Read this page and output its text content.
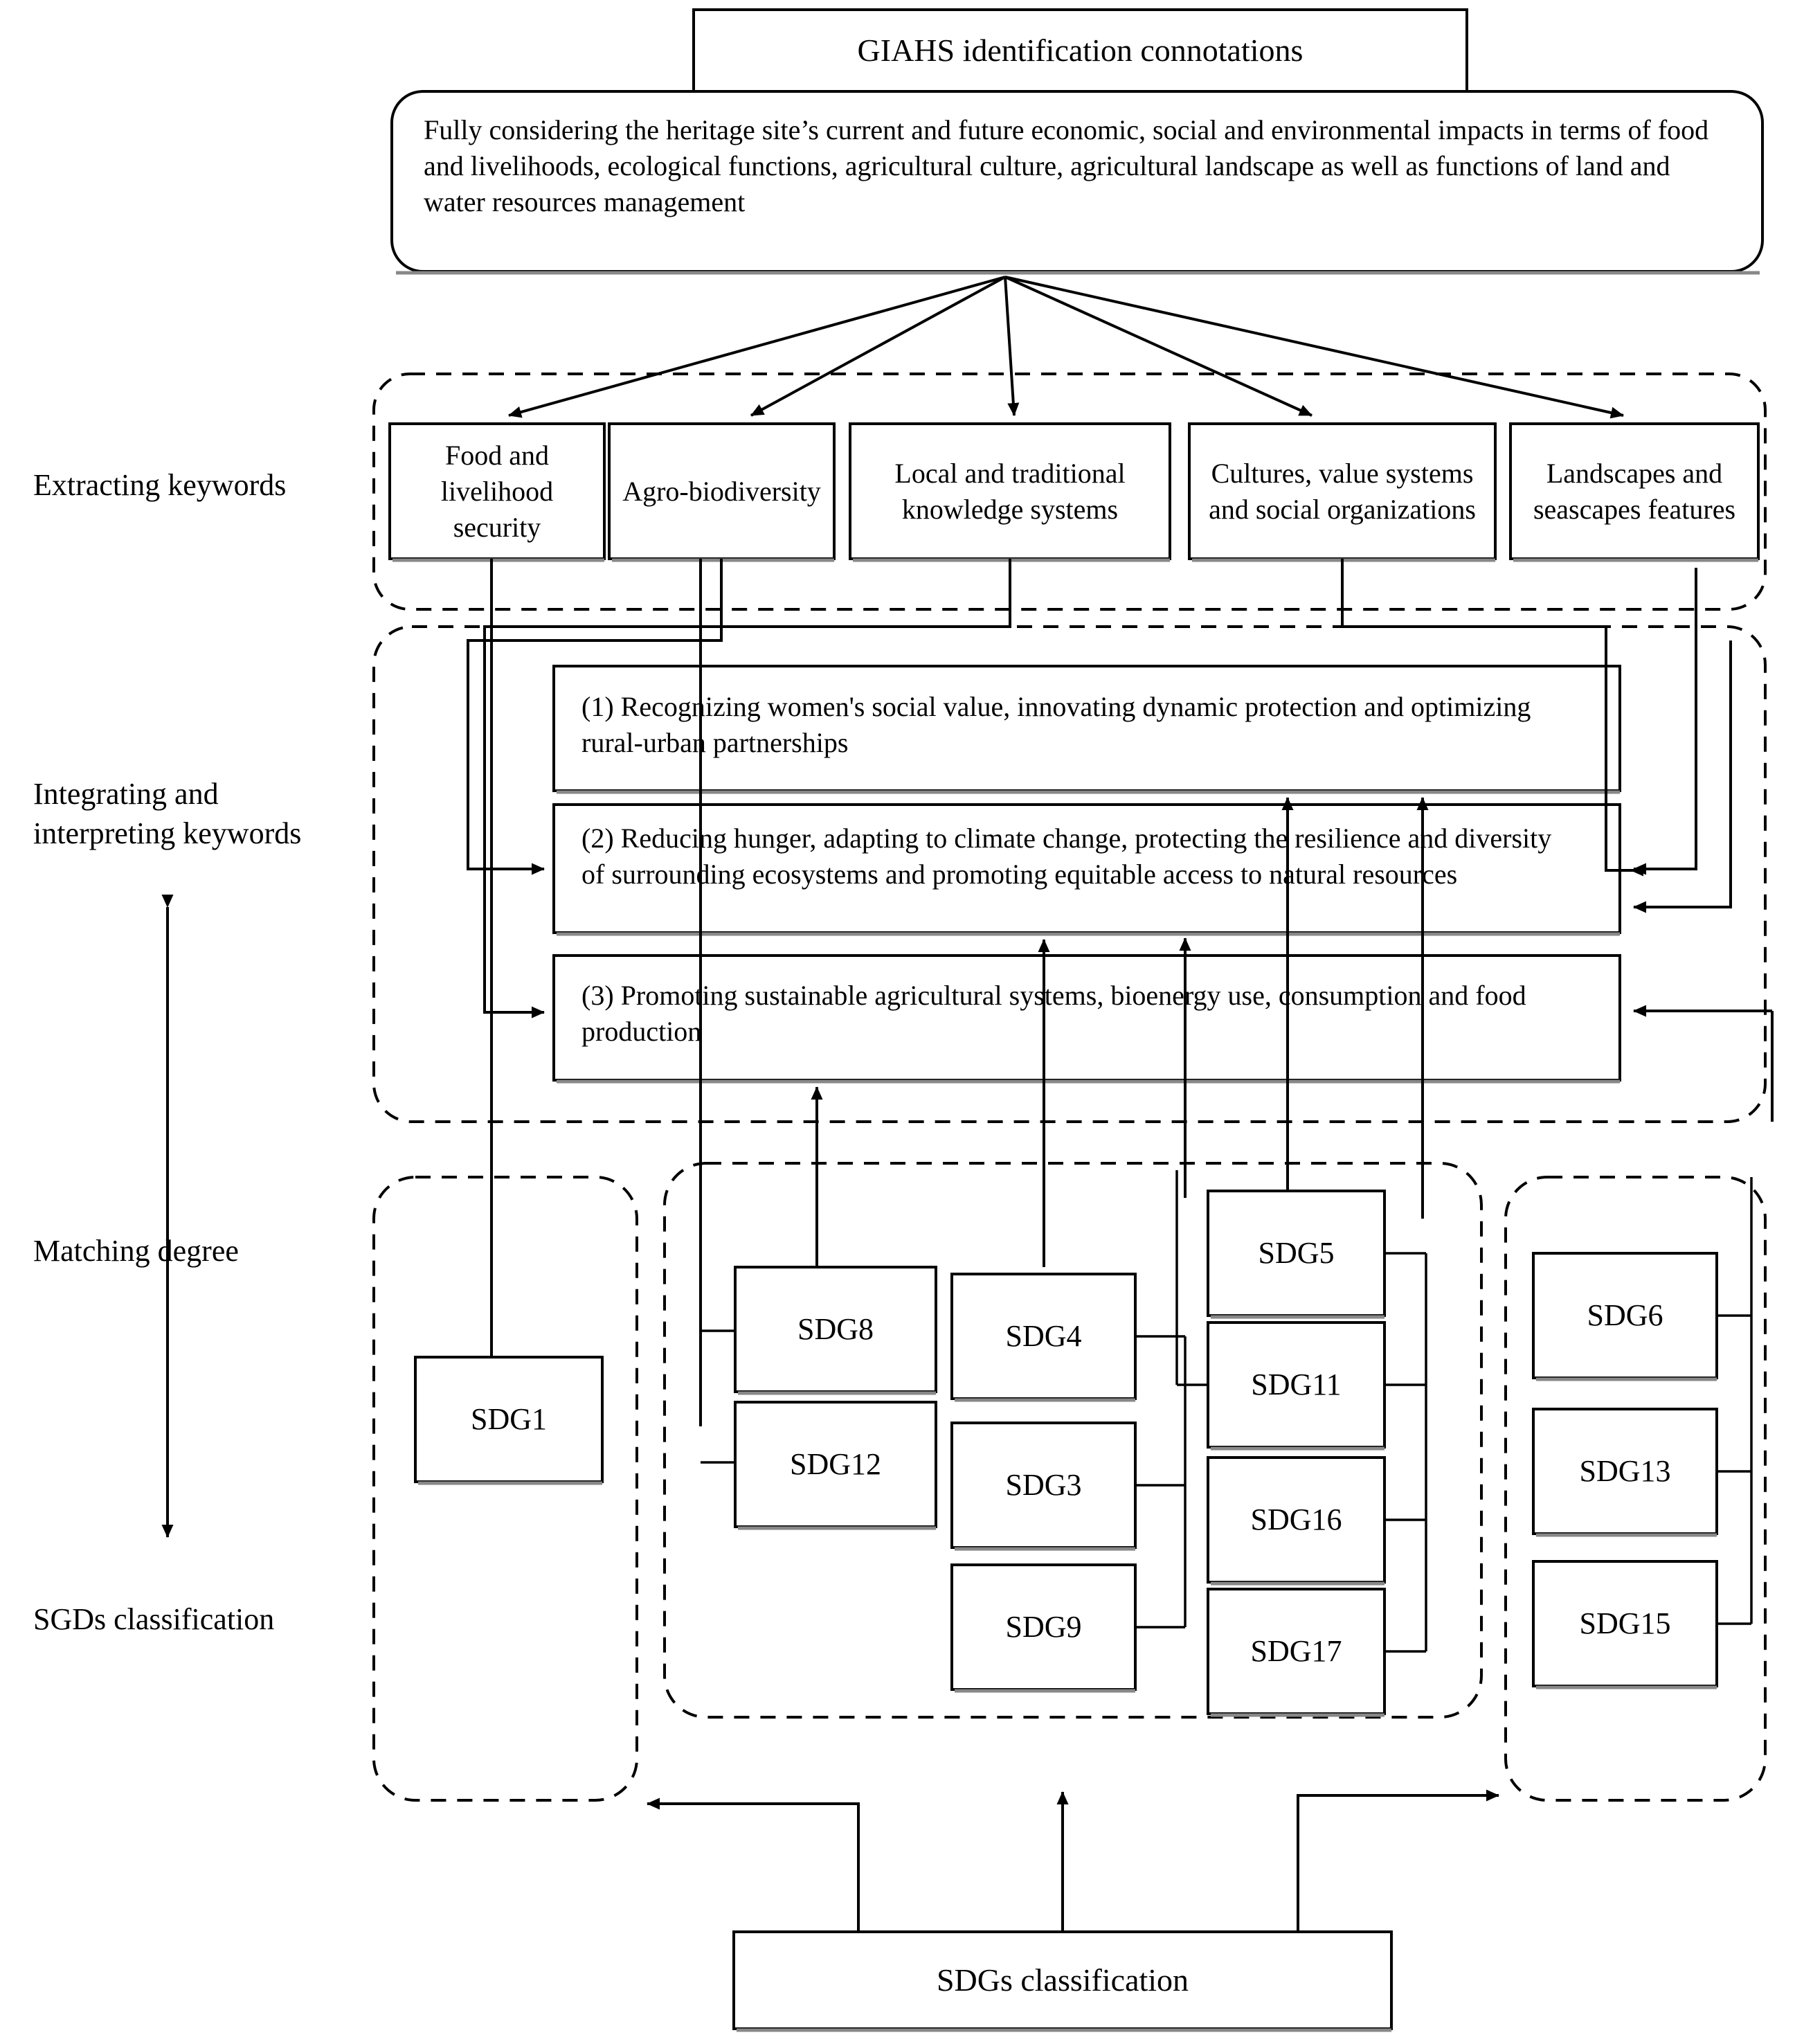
GIAHS identification connotations
Fully considering the heritage site’s current and future economic, social and environmental impacts in terms of food and livelihoods, ecological functions, agricultural culture, agricultural landscape as well as functions of land and water resources management
Extracting keywords
Integrating and interpreting keywords
Matching degree
SGDs classification
Food and livelihood security
Agro-biodiversity
Local and traditional knowledge systems
Cultures, value systems and social organizations
Landscapes and seascapes features
(1) Recognizing women's social value, innovating dynamic protection and optimizing rural-urban partnerships
(2) Reducing hunger, adapting to climate change, protecting the resilience and diversity of surrounding ecosystems and promoting equitable access to natural resources
(3) Promoting sustainable agricultural systems, bioenergy use, consumption and food production
SDG1
SDG8
SDG12
SDG4
SDG3
SDG9
SDG5
SDG11
SDG16
SDG17
SDG6
SDG13
SDG15
SDGs classification
